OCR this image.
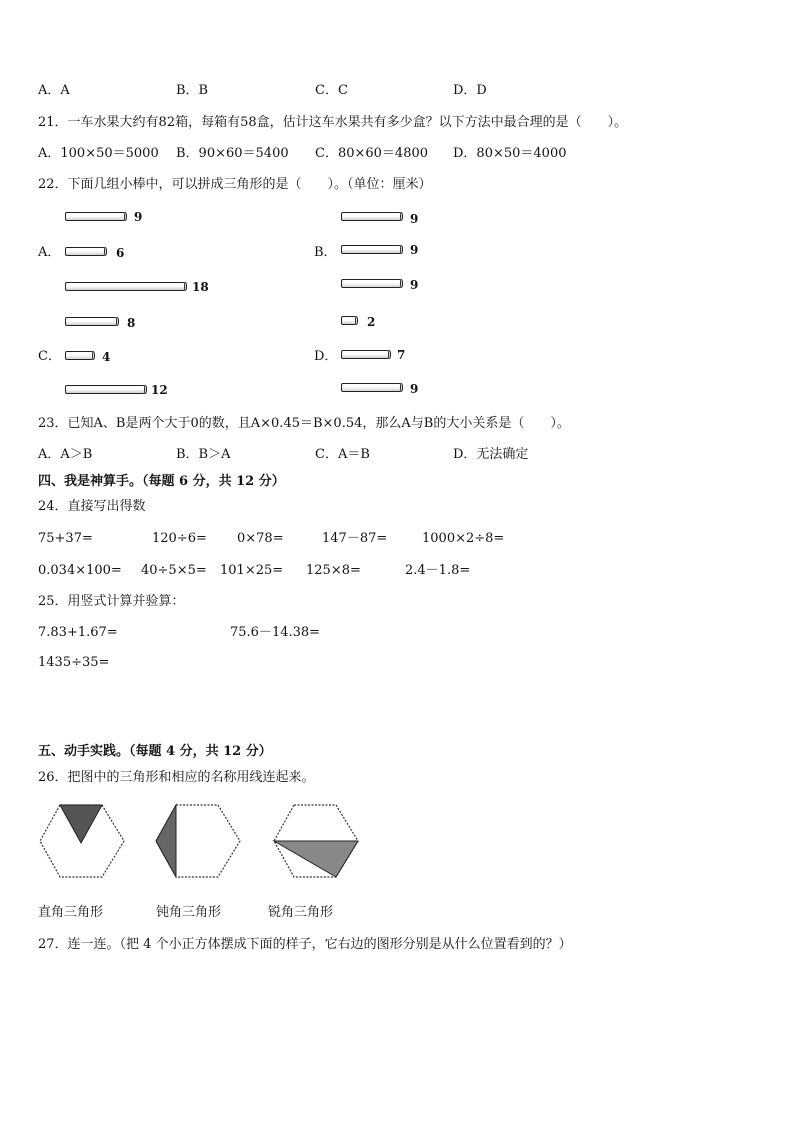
A．A	B．B	C．C	D．D
21．一车水果大约有82箱，每箱有58盒，估计这车水果共有多少盒？以下方法中最合理的是（　　）。
A．100×50＝5000 B．90×60＝5400 C．80×60＝4800 D．80×50＝4000
22．下面几组小棒中，可以拼成三角形的是（　　）。（单位：厘米）
A．
9
6
18
B．
9
9
9
C．
8
4
12
D．
2
7
9
23．已知A、B是两个大于0的数，且A×0.45＝B×0.54，那么A与B的大小关系是（　　）。
A．A＞B	B．B＞A	C．A＝B	D．无法确定
四、我是神算手。（每题 6 分，共 12 分）
24．直接写出得数
75+37=	120÷6= 0×78=	147－87=	1000×2÷8=
0.034×100= 40÷5×5= 101×25= 125×8=	2.4－1.8=
25．用竖式计算并验算：
7.83+1.67=	75.6－14.38=
1435÷35=
五、动手实践。（每题 4 分，共 12 分）
26．把图中的三角形和相应的名称用线连起来。
直角三角形	钝角三角形	锐角三角形
27．连一连。（把 4 个小正方体摆成下面的样子，它右边的图形分别是从什么位置看到的？）
